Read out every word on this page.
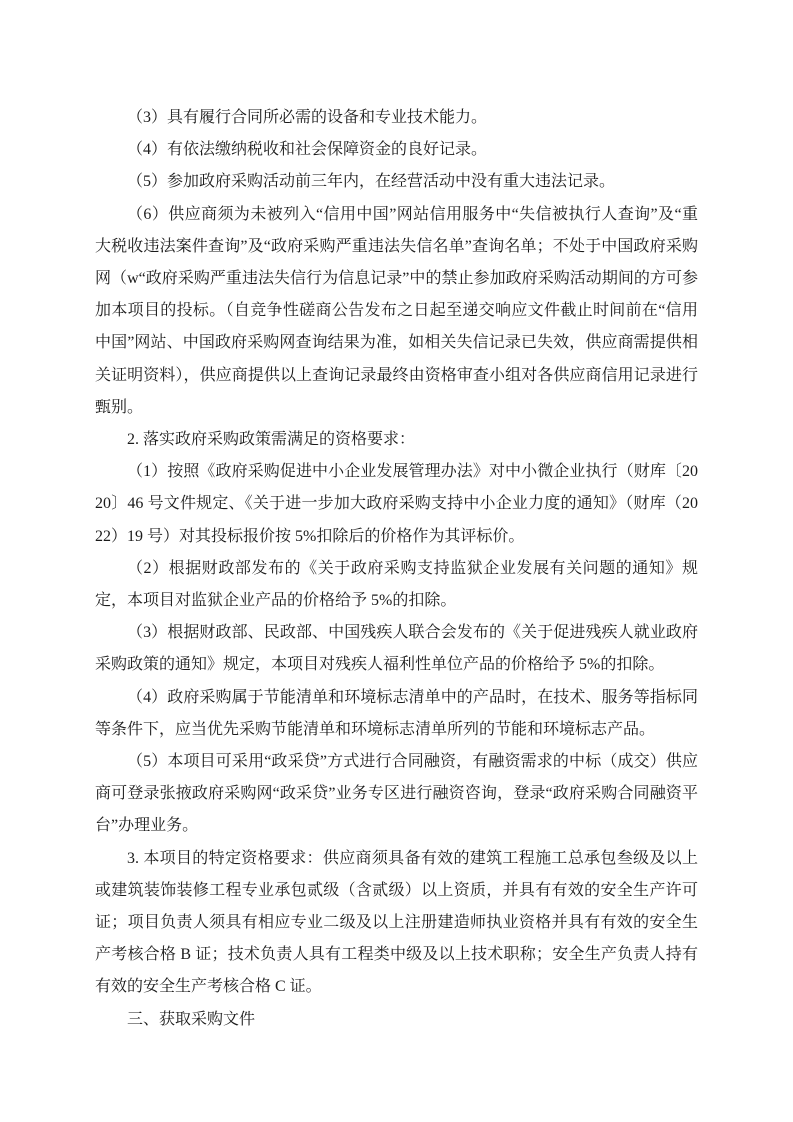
（3）具有履行合同所必需的设备和专业技术能力。

（4）有依法缴纳税收和社会保障资金的良好记录。

（5）参加政府采购活动前三年内，在经营活动中没有重大违法记录。

（6）供应商须为未被列入“信用中国”网站信用服务中“失信被执行人查询”及“重大税收违法案件查询”及“政府采购严重违法失信名单”查询名单；不处于中国政府采购网（w“政府采购严重违法失信行为信息记录”中的禁止参加政府采购活动期间的方可参加本项目的投标。（自竞争性磋商公告发布之日起至递交响应文件截止时间前在“信用中国”网站、中国政府采购网查询结果为准，如相关失信记录已失效，供应商需提供相关证明资料），供应商提供以上查询记录最终由资格审查小组对各供应商信用记录进行甄别。

2. 落实政府采购政策需满足的资格要求：

（1）按照《政府采购促进中小企业发展管理办法》对中小微企业执行（财库〔2020〕46 号文件规定、《关于进一步加大政府采购支持中小企业力度的通知》（财库（2022）19 号）对其投标报价按 5%扣除后的价格作为其评标价。

（2）根据财政部发布的《关于政府采购支持监狱企业发展有关问题的通知》规定，本项目对监狱企业产品的价格给予 5%的扣除。

（3）根据财政部、民政部、中国残疾人联合会发布的《关于促进残疾人就业政府采购政策的通知》规定，本项目对残疾人福利性单位产品的价格给予 5%的扣除。

（4）政府采购属于节能清单和环境标志清单中的产品时，在技术、服务等指标同等条件下，应当优先采购节能清单和环境标志清单所列的节能和环境标志产品。

（5）本项目可采用“政采贷”方式进行合同融资，有融资需求的中标（成交）供应商可登录张掖政府采购网“政采贷”业务专区进行融资咨询，登录“政府采购合同融资平台”办理业务。

3. 本项目的特定资格要求：供应商须具备有效的建筑工程施工总承包叁级及以上或建筑装饰装修工程专业承包贰级（含贰级）以上资质，并具有有效的安全生产许可证；项目负责人须具有相应专业二级及以上注册建造师执业资格并具有有效的安全生产考核合格 B 证；技术负责人具有工程类中级及以上技术职称；安全生产负责人持有有效的安全生产考核合格 C 证。

三、获取采购文件
